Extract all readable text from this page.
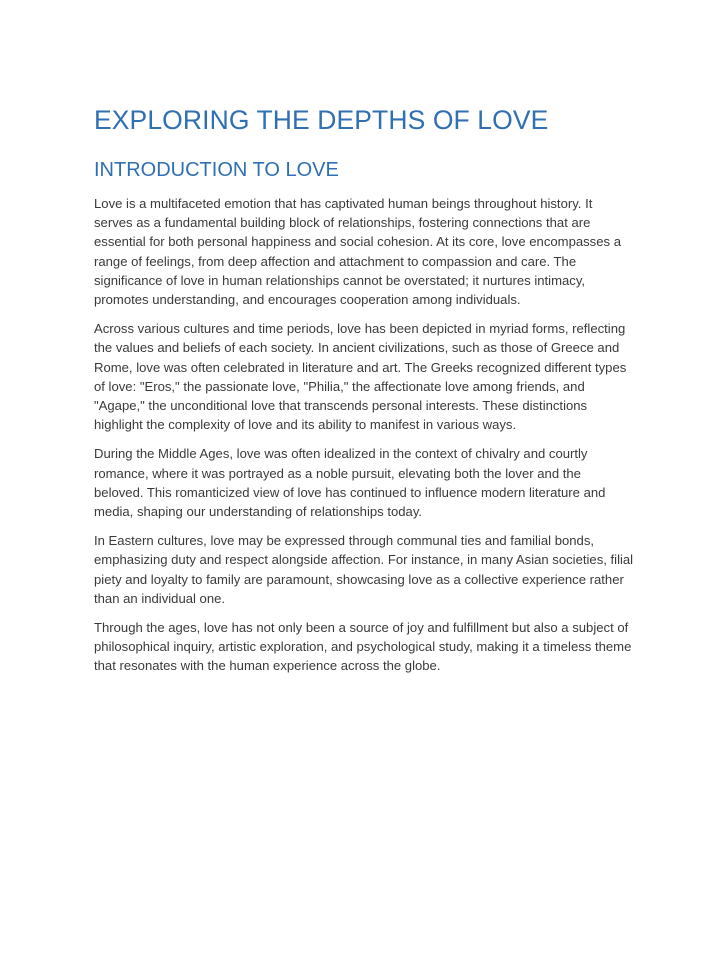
EXPLORING THE DEPTHS OF LOVE
INTRODUCTION TO LOVE

Love is a multifaceted emotion that has captivated human beings throughout history. It serves as a fundamental building block of relationships, fostering connections that are essential for both personal happiness and social cohesion. At its core, love encompasses a range of feelings, from deep affection and attachment to compassion and care. The significance of love in human relationships cannot be overstated; it nurtures intimacy, promotes understanding, and encourages cooperation among individuals.

Across various cultures and time periods, love has been depicted in myriad forms, reflecting the values and beliefs of each society. In ancient civilizations, such as those of Greece and Rome, love was often celebrated in literature and art. The Greeks recognized different types of love: "Eros," the passionate love, "Philia," the affectionate love among friends, and "Agape," the unconditional love that transcends personal interests. These distinctions highlight the complexity of love and its ability to manifest in various ways.

During the Middle Ages, love was often idealized in the context of chivalry and courtly romance, where it was portrayed as a noble pursuit, elevating both the lover and the beloved. This romanticized view of love has continued to influence modern literature and media, shaping our understanding of relationships today.

In Eastern cultures, love may be expressed through communal ties and familial bonds, emphasizing duty and respect alongside affection. For instance, in many Asian societies, filial piety and loyalty to family are paramount, showcasing love as a collective experience rather than an individual one.

Through the ages, love has not only been a source of joy and fulfillment but also a subject of philosophical inquiry, artistic exploration, and psychological study, making it a timeless theme that resonates with the human experience across the globe.
